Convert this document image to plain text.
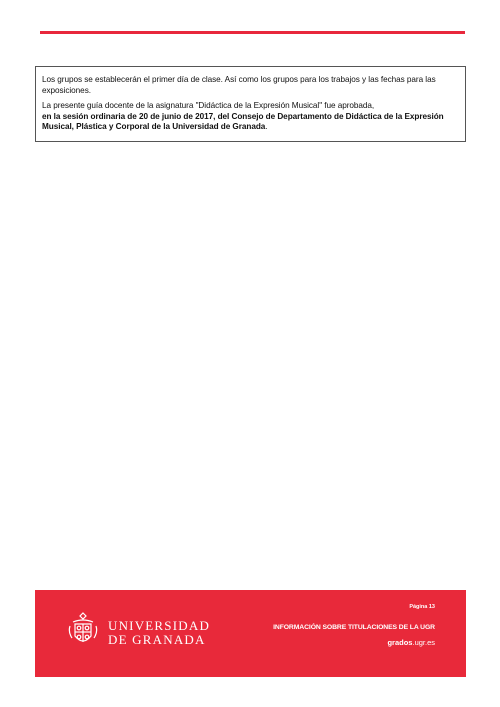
Los grupos se establecerán el primer día de clase. Así como los grupos para los trabajos y las fechas para las exposiciones.

La presente guía docente de la asignatura "Didáctica de la Expresión Musical" fue aprobada,
en la sesión ordinaria de 20 de junio de 2017, del Consejo de Departamento de Didáctica de la Expresión Musical, Plástica y Corporal de la Universidad de Granada.

UNIVERSIDAD
DE GRANADA
Página 13
INFORMACIÓN SOBRE TITULACIONES DE LA UGR
grados.ugr.es
